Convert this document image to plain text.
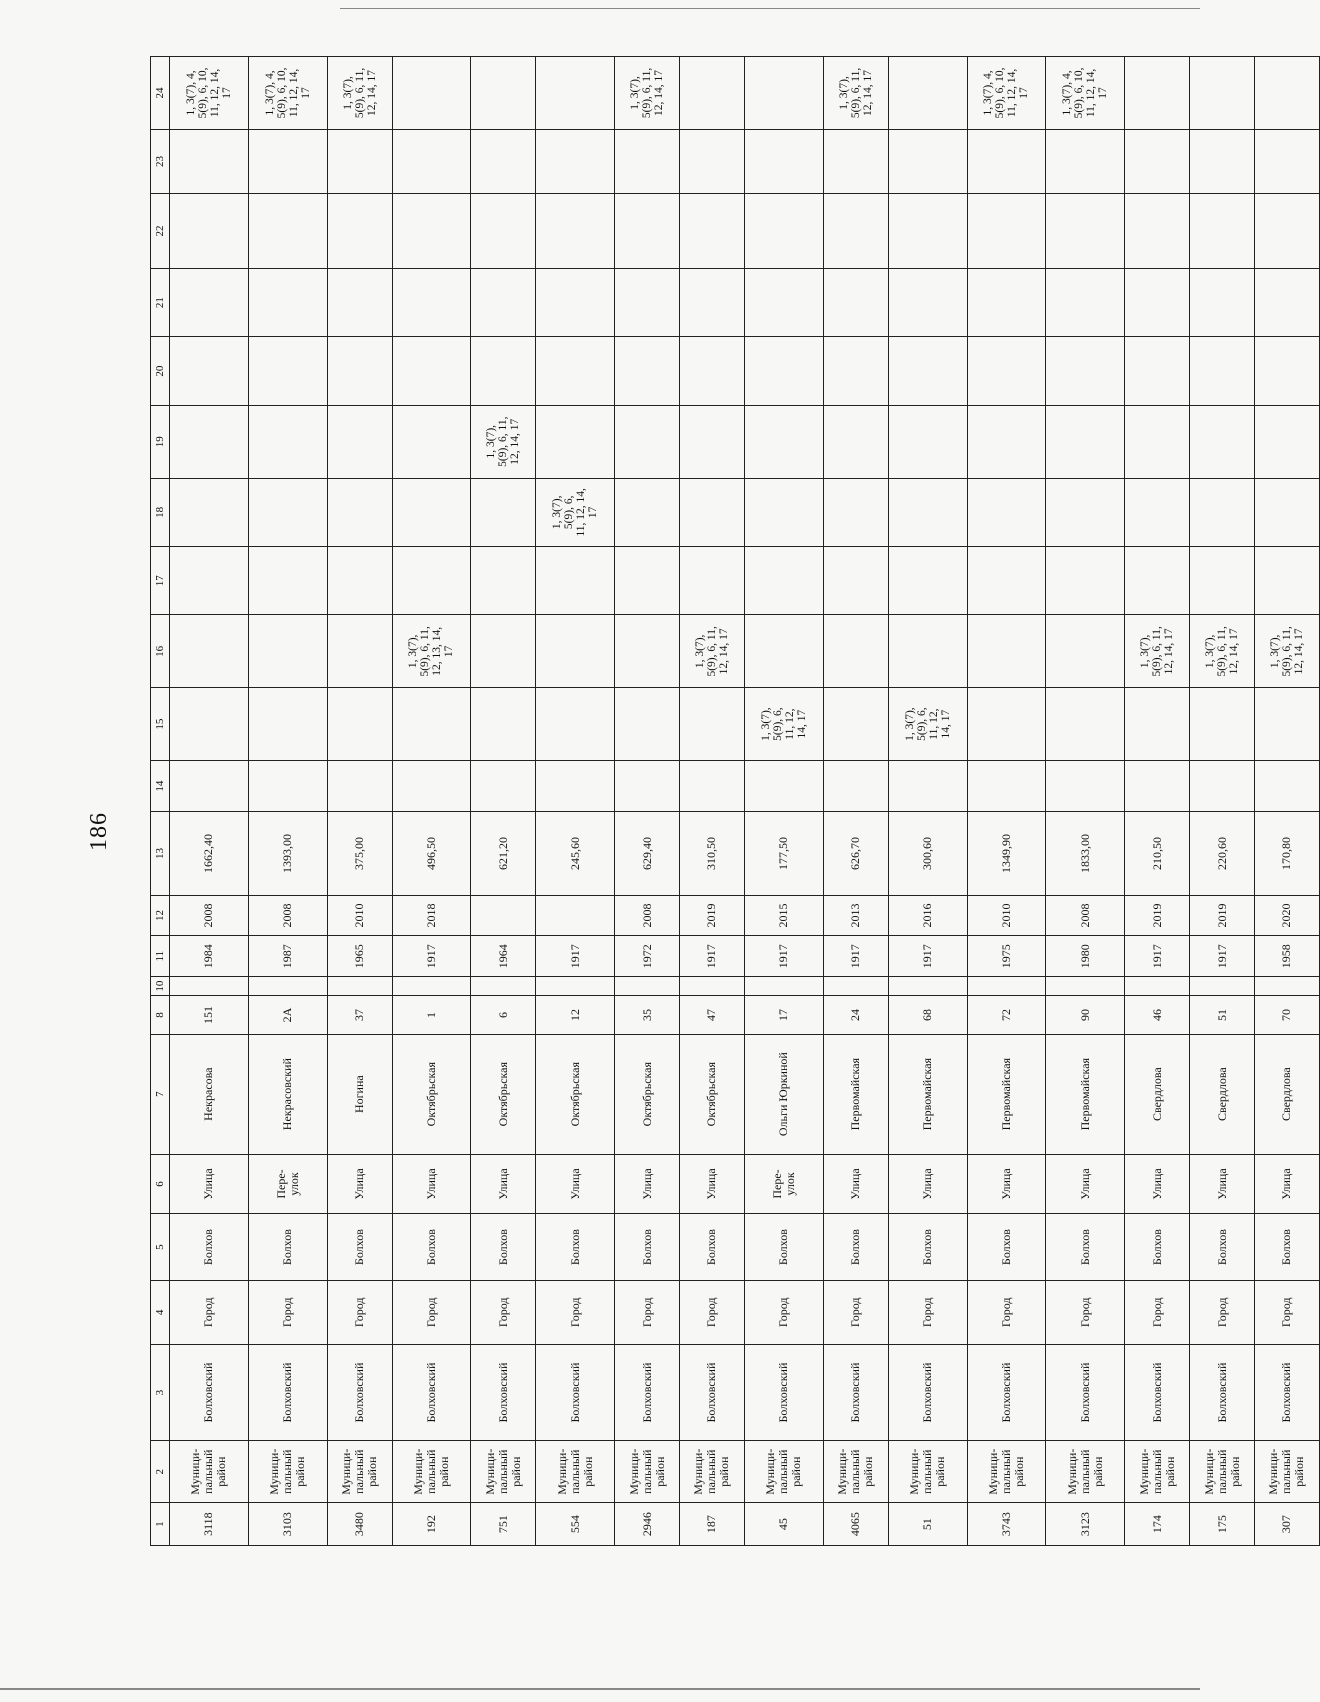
186
1	2	3	4	5	6	7	8	10	11	12	13	14	15	16	17	18	19	20	21	22	23	24
3118	Муници-
пальный
район	Болховский	Город	Болхов	Улица	Некрасова	151		1984	2008	1662,40											1, 3(7), 4,
5(9), 6, 10,
11, 12, 14,
17
3103	Муници-
пальный
район	Болховский	Город	Болхов	Пере-
улок	Некрасовский	2А		1987	2008	1393,00											1, 3(7), 4,
5(9), 6, 10,
11, 12, 14,
17
3480	Муници-
пальный
район	Болховский	Город	Болхов	Улица	Ногина	37		1965	2010	375,00											1, 3(7),
5(9), 6, 11,
12, 14, 17
192	Муници-
пальный
район	Болховский	Город	Болхов	Улица	Октябрьская	1		1917	2018	496,50			1, 3(7),
5(9), 6, 11,
12, 13, 14,
17								
751	Муници-
пальный
район	Болховский	Город	Болхов	Улица	Октябрьская	6		1964		621,20						1, 3(7),
5(9), 6, 11,
12, 14, 17					
554	Муници-
пальный
район	Болховский	Город	Болхов	Улица	Октябрьская	12		1917		245,60					1, 3(7),
5(9), 6,
11, 12, 14,
17						
2946	Муници-
пальный
район	Болховский	Город	Болхов	Улица	Октябрьская	35		1972	2008	629,40											1, 3(7),
5(9), 6, 11,
12, 14, 17
187	Муници-
пальный
район	Болховский	Город	Болхов	Улица	Октябрьская	47		1917	2019	310,50			1, 3(7),
5(9), 6, 11,
12, 14, 17								
45	Муници-
пальный
район	Болховский	Город	Болхов	Пере-
улок	Ольги Юркиной	17		1917	2015	177,50		1, 3(7),
5(9), 6,
11, 12,
14, 17									
4065	Муници-
пальный
район	Болховский	Город	Болхов	Улица	Первомайская	24		1917	2013	626,70											1, 3(7),
5(9), 6, 11,
12, 14, 17
51	Муници-
пальный
район	Болховский	Город	Болхов	Улица	Первомайская	68		1917	2016	300,60		1, 3(7),
5(9), 6,
11, 12,
14, 17									
3743	Муници-
пальный
район	Болховский	Город	Болхов	Улица	Первомайская	72		1975	2010	1349,90											1, 3(7), 4,
5(9), 6, 10,
11, 12, 14,
17
3123	Муници-
пальный
район	Болховский	Город	Болхов	Улица	Первомайская	90		1980	2008	1833,00											1, 3(7), 4,
5(9), 6, 10,
11, 12, 14,
17
174	Муници-
пальный
район	Болховский	Город	Болхов	Улица	Свердлова	46		1917	2019	210,50			1, 3(7),
5(9), 6, 11,
12, 14, 17								
175	Муници-
пальный
район	Болховский	Город	Болхов	Улица	Свердлова	51		1917	2019	220,60			1, 3(7),
5(9), 6, 11,
12, 14, 17								
307	Муници-
пальный
район	Болховский	Город	Болхов	Улица	Свердлова	70		1958	2020	170,80			1, 3(7),
5(9), 6, 11,
12, 14, 17								
